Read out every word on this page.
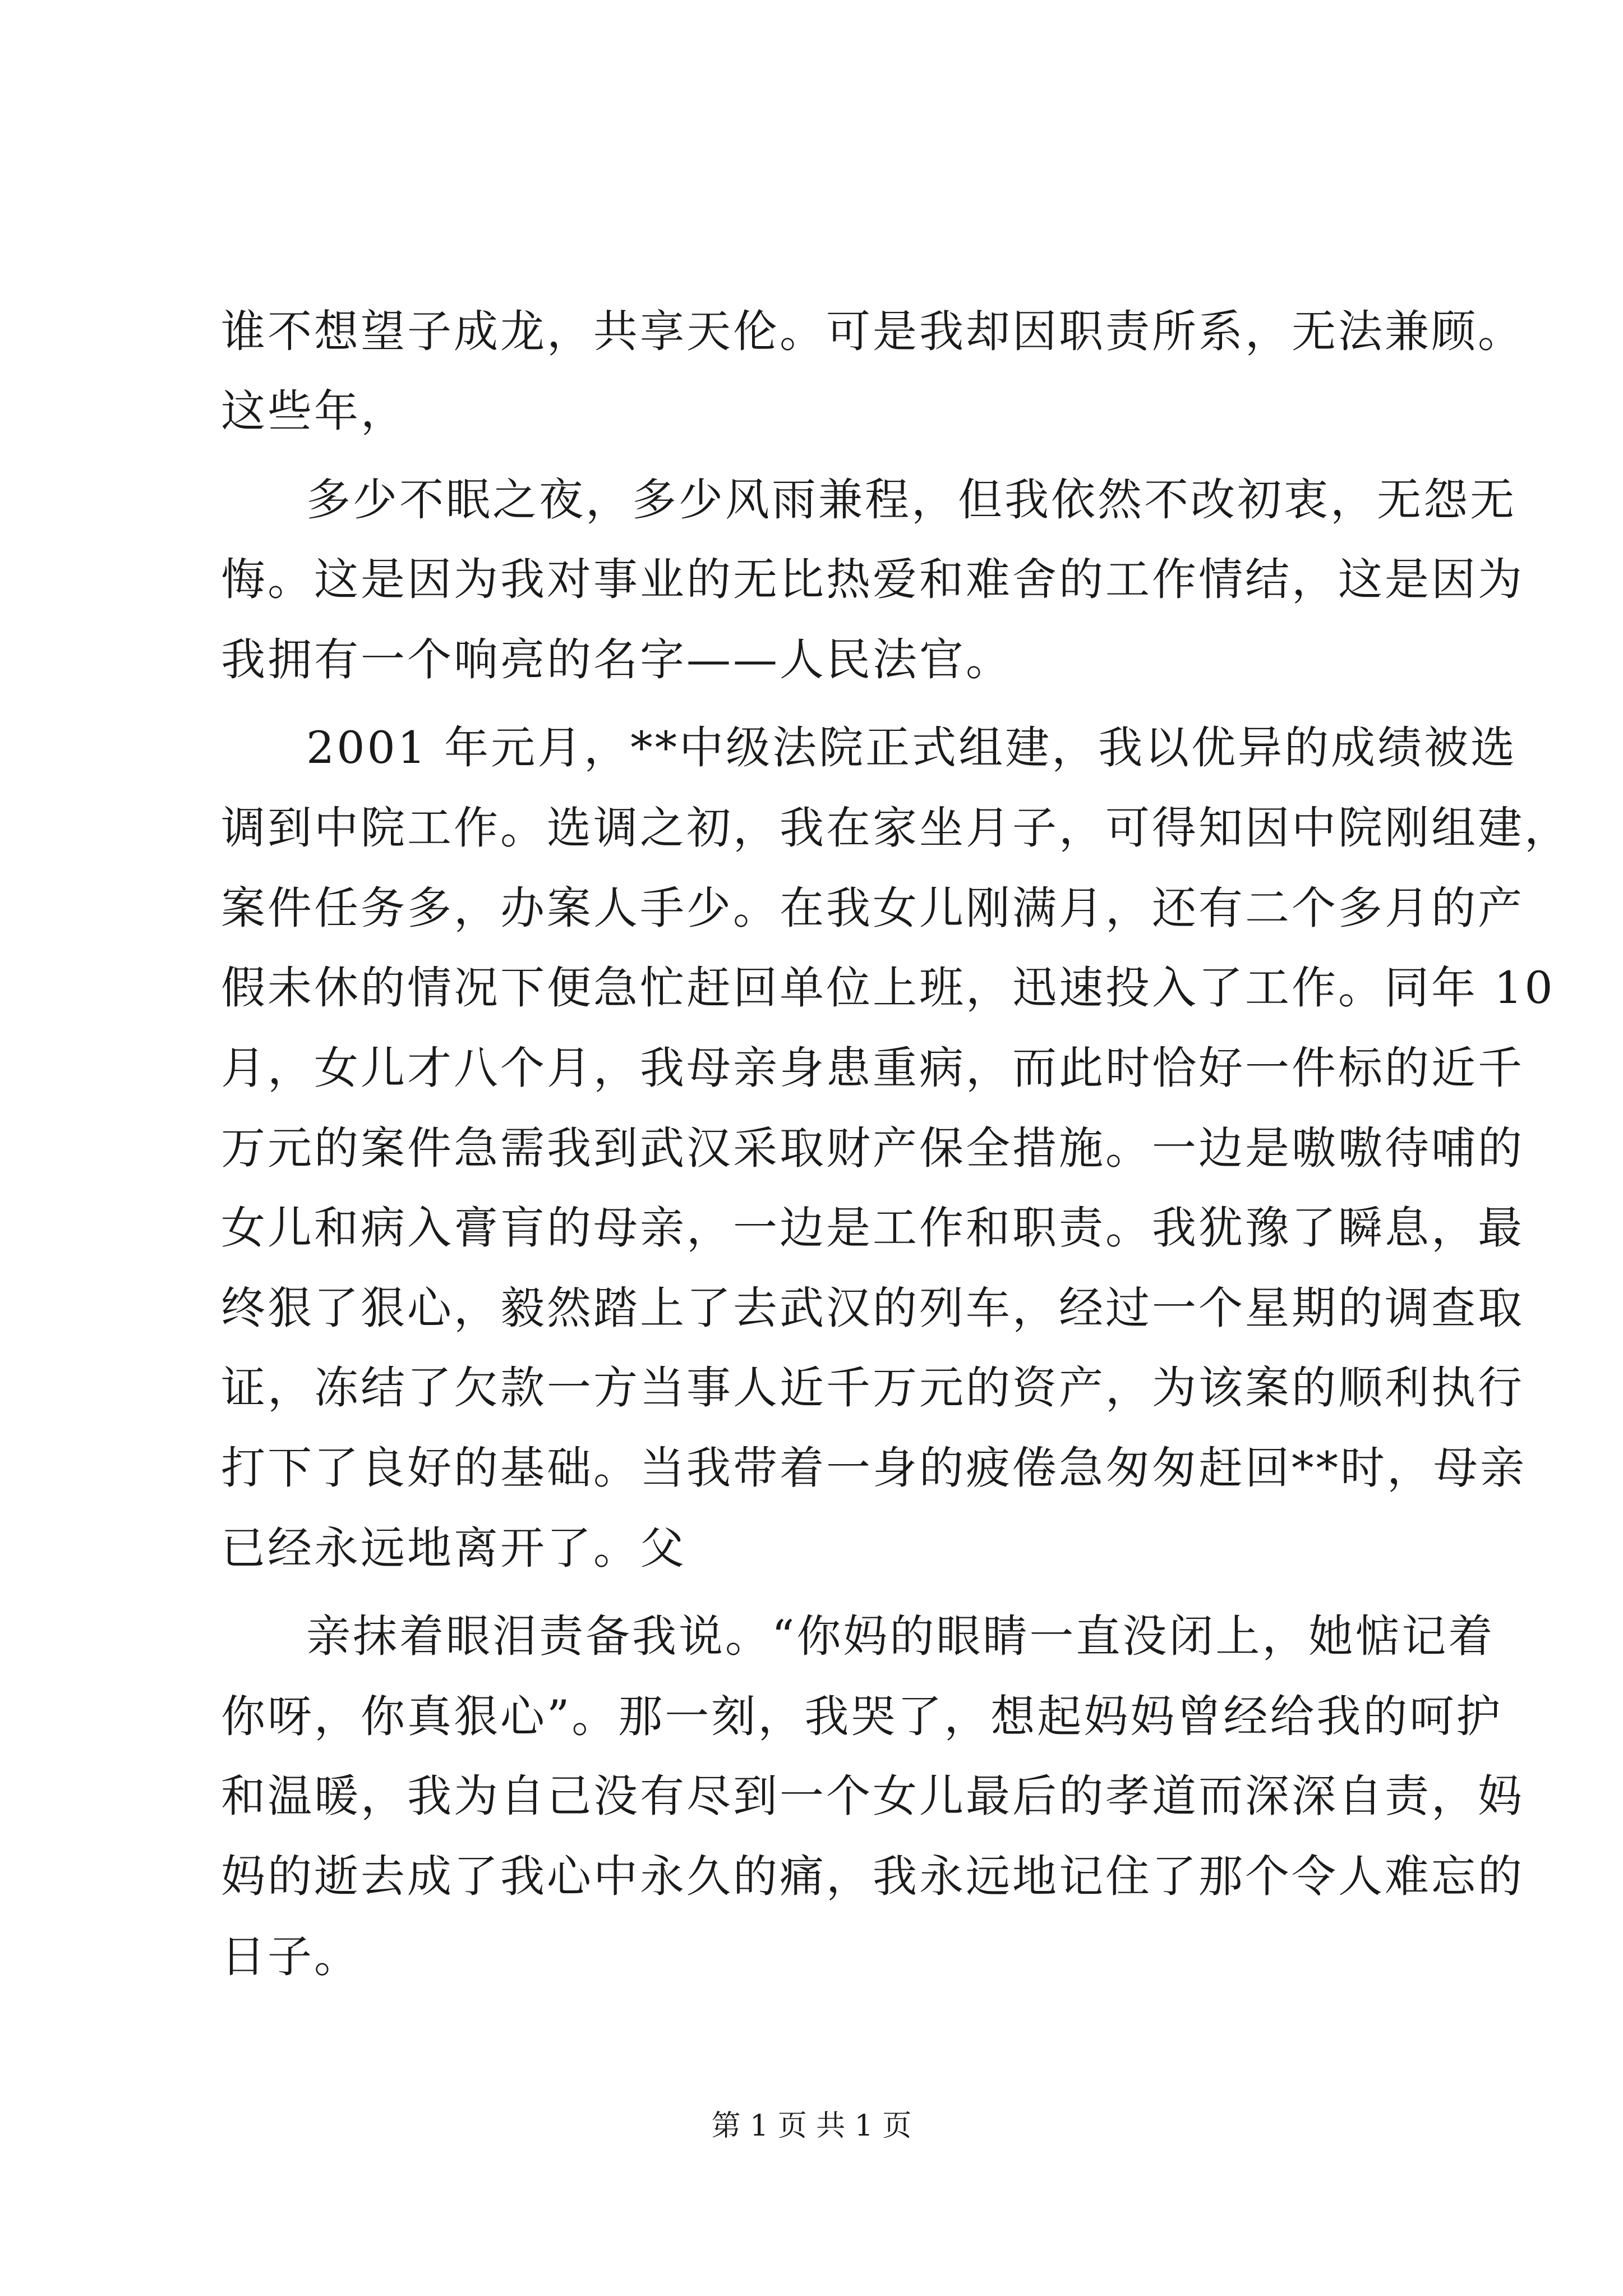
谁不想望子成龙，共享天伦。可是我却因职责所系，无法兼顾。
这些年，
多少不眠之夜，多少风雨兼程，但我依然不改初衷，无怨无
悔。这是因为我对事业的无比热爱和难舍的工作情结，这是因为
我拥有一个响亮的名字——人民法官。
2001 年元月，**中级法院正式组建，我以优异的成绩被选
调到中院工作。选调之初，我在家坐月子，可得知因中院刚组建，
案件任务多，办案人手少。在我女儿刚满月，还有二个多月的产
假未休的情况下便急忙赶回单位上班，迅速投入了工作。同年 10
月，女儿才八个月，我母亲身患重病，而此时恰好一件标的近千
万元的案件急需我到武汉采取财产保全措施。一边是嗷嗷待哺的
女儿和病入膏肓的母亲，一边是工作和职责。我犹豫了瞬息，最
终狠了狠心，毅然踏上了去武汉的列车，经过一个星期的调查取
证，冻结了欠款一方当事人近千万元的资产，为该案的顺利执行
打下了良好的基础。当我带着一身的疲倦急匆匆赶回**时，母亲
已经永远地离开了。父
亲抹着眼泪责备我说。“你妈的眼睛一直没闭上，她惦记着
你呀，你真狠心”。那一刻，我哭了，想起妈妈曾经给我的呵护
和温暖，我为自己没有尽到一个女儿最后的孝道而深深自责，妈
妈的逝去成了我心中永久的痛，我永远地记住了那个令人难忘的
日子。
第 1 页 共 1 页
